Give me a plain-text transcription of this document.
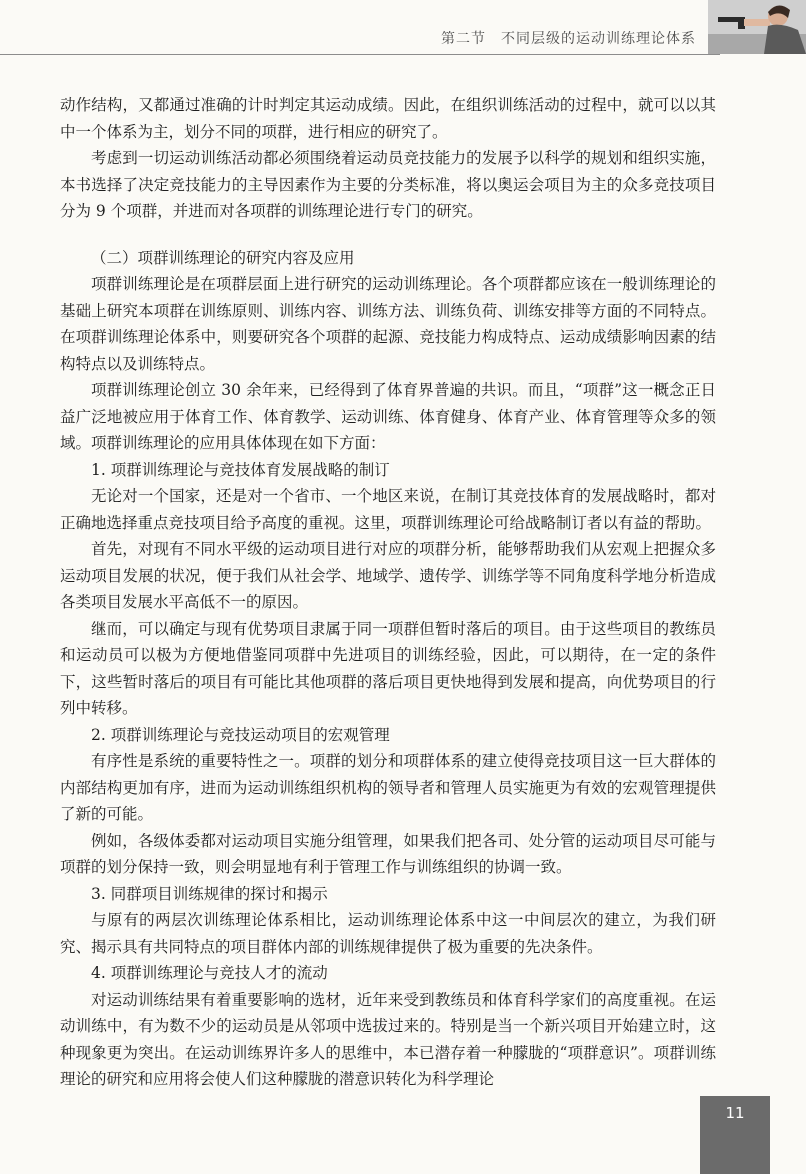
第二节　不同层级的运动训练理论体系

动作结构，又都通过准确的计时判定其运动成绩。因此，在组织训练活动的过程中，就可以以其中一个体系为主，划分不同的项群，进行相应的研究了。

考虑到一切运动训练活动都必须围绕着运动员竞技能力的发展予以科学的规划和组织实施，本书选择了决定竞技能力的主导因素作为主要的分类标准，将以奥运会项目为主的众多竞技项目分为 9 个项群，并进而对各项群的训练理论进行专门的研究。

（二）项群训练理论的研究内容及应用

项群训练理论是在项群层面上进行研究的运动训练理论。各个项群都应该在一般训练理论的基础上研究本项群在训练原则、训练内容、训练方法、训练负荷、训练安排等方面的不同特点。在项群训练理论体系中，则要研究各个项群的起源、竞技能力构成特点、运动成绩影响因素的结构特点以及训练特点。

项群训练理论创立 30 余年来，已经得到了体育界普遍的共识。而且，“项群”这一概念正日益广泛地被应用于体育工作、体育教学、运动训练、体育健身、体育产业、体育管理等众多的领域。项群训练理论的应用具体体现在如下方面：

1. 项群训练理论与竞技体育发展战略的制订

无论对一个国家，还是对一个省市、一个地区来说，在制订其竞技体育的发展战略时，都对正确地选择重点竞技项目给予高度的重视。这里，项群训练理论可给战略制订者以有益的帮助。

首先，对现有不同水平级的运动项目进行对应的项群分析，能够帮助我们从宏观上把握众多运动项目发展的状况，便于我们从社会学、地域学、遗传学、训练学等不同角度科学地分析造成各类项目发展水平高低不一的原因。

继而，可以确定与现有优势项目隶属于同一项群但暂时落后的项目。由于这些项目的教练员和运动员可以极为方便地借鉴同项群中先进项目的训练经验，因此，可以期待，在一定的条件下，这些暂时落后的项目有可能比其他项群的落后项目更快地得到发展和提高，向优势项目的行列中转移。

2. 项群训练理论与竞技运动项目的宏观管理

有序性是系统的重要特性之一。项群的划分和项群体系的建立使得竞技项目这一巨大群体的内部结构更加有序，进而为运动训练组织机构的领导者和管理人员实施更为有效的宏观管理提供了新的可能。

例如，各级体委都对运动项目实施分组管理，如果我们把各司、处分管的运动项目尽可能与项群的划分保持一致，则会明显地有利于管理工作与训练组织的协调一致。

3. 同群项目训练规律的探讨和揭示

与原有的两层次训练理论体系相比，运动训练理论体系中这一中间层次的建立，为我们研究、揭示具有共同特点的项目群体内部的训练规律提供了极为重要的先决条件。

4. 项群训练理论与竞技人才的流动

对运动训练结果有着重要影响的选材，近年来受到教练员和体育科学家们的高度重视。在运动训练中，有为数不少的运动员是从邻项中选拔过来的。特别是当一个新兴项目开始建立时，这种现象更为突出。在运动训练界许多人的思维中，本已潜存着一种朦胧的“项群意识”。项群训练理论的研究和应用将会使人们这种朦胧的潜意识转化为科学理论

11
